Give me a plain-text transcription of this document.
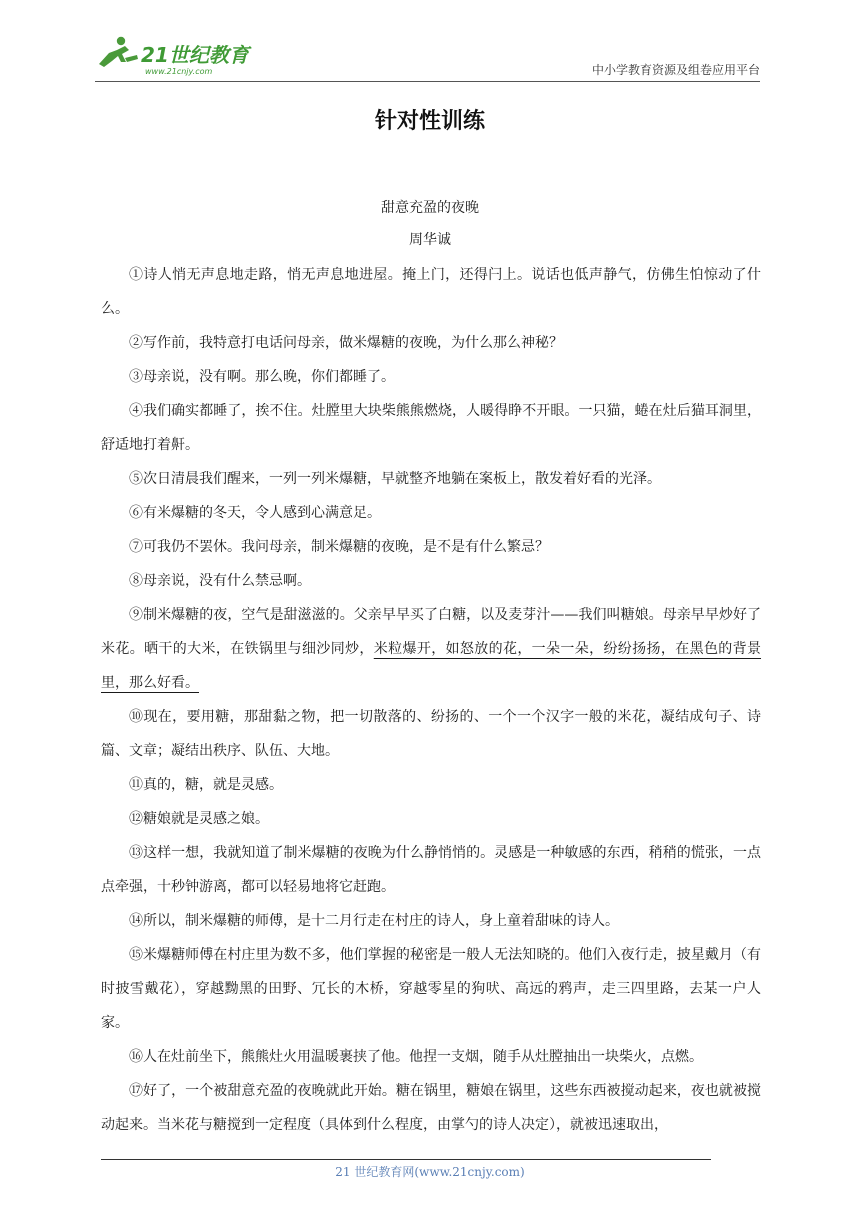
21世纪教育
www.21cnjy.com	中小学教育资源及组卷应用平台
针对性训练
甜意充盈的夜晚
周华诚

①诗人悄无声息地走路，悄无声息地进屋。掩上门，还得闩上。说话也低声静气，仿佛生怕惊动了什么。

②写作前，我特意打电话问母亲，做米爆糖的夜晚，为什么那么神秘？

③母亲说，没有啊。那么晚，你们都睡了。

④我们确实都睡了，挨不住。灶膛里大块柴熊熊燃烧，人暖得睁不开眼。一只猫，蜷在灶后猫耳洞里，舒适地打着鼾。

⑤次日清晨我们醒来，一列一列米爆糖，早就整齐地躺在案板上，散发着好看的光泽。

⑥有米爆糖的冬天，令人感到心满意足。

⑦可我仍不罢休。我问母亲，制米爆糖的夜晚，是不是有什么繁忌？

⑧母亲说，没有什么禁忌啊。

⑨制米爆糖的夜，空气是甜滋滋的。父亲早早买了白糖，以及麦芽汁——我们叫糖娘。母亲早早炒好了米花。晒干的大米，在铁锅里与细沙同炒，米粒爆开，如怒放的花，一朵一朵，纷纷扬扬，在黑色的背景里，那么好看。

⑩现在，要用糖，那甜黏之物，把一切散落的、纷扬的、一个一个汉字一般的米花，凝结成句子、诗篇、文章；凝结出秩序、队伍、大地。

⑪真的，糖，就是灵感。

⑫糖娘就是灵感之娘。

⑬这样一想，我就知道了制米爆糖的夜晚为什么静悄悄的。灵感是一种敏感的东西，稍稍的慌张，一点点牵强，十秒钟游离，都可以轻易地将它赶跑。

⑭所以，制米爆糖的师傅，是十二月行走在村庄的诗人，身上童着甜味的诗人。

⑮米爆糖师傅在村庄里为数不多，他们掌握的秘密是一般人无法知晓的。他们入夜行走，披星戴月（有时披雪戴花），穿越黝黑的田野、冗长的木桥，穿越零星的狗吠、高远的鸦声，走三四里路，去某一户人家。

⑯人在灶前坐下，熊熊灶火用温暖裹挟了他。他捏一支烟，随手从灶膛抽出一块柴火，点燃。

⑰好了，一个被甜意充盈的夜晚就此开始。糖在锅里，糖娘在锅里，这些东西被搅动起来，夜也就被搅动起来。当米花与糖搅到一定程度（具体到什么程度，由掌勺的诗人决定），就被迅速取出，

21 世纪教育网(www.21cnjy.com)
